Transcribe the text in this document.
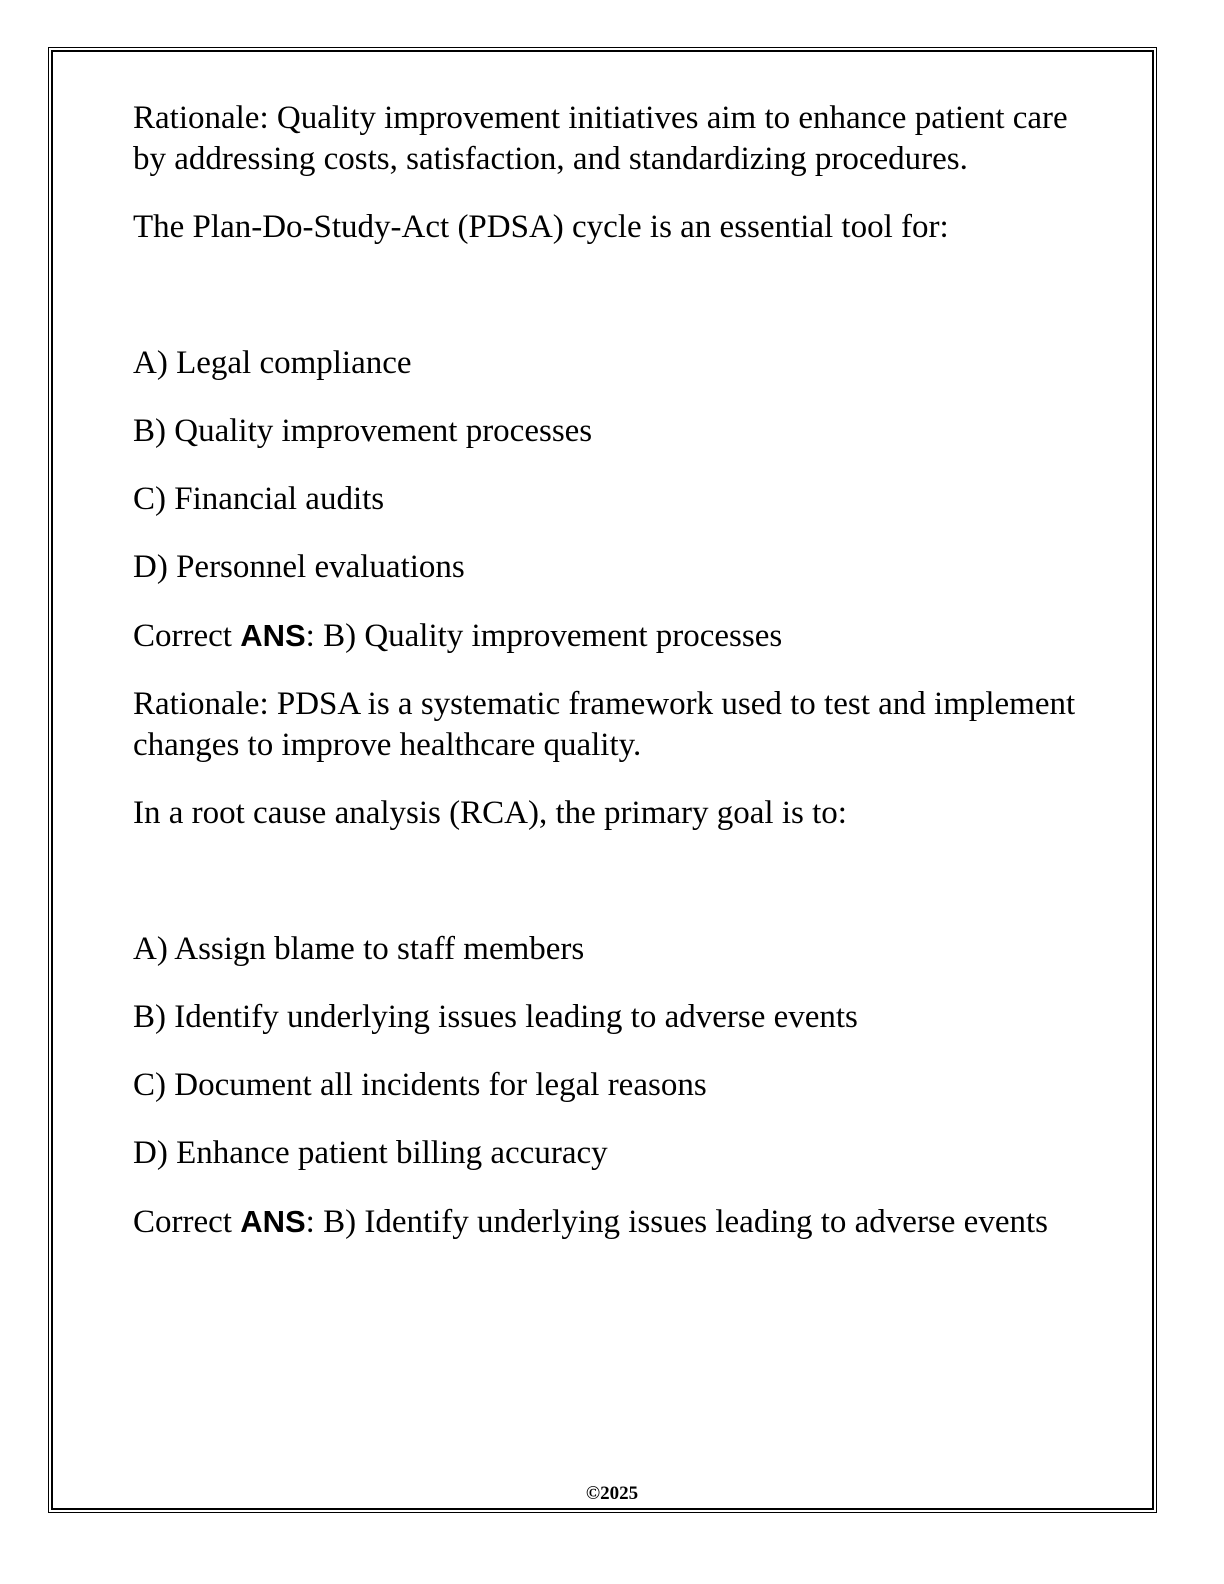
Rationale: Quality improvement initiatives aim to enhance patient care by addressing costs, satisfaction, and standardizing procedures.

The Plan-Do-Study-Act (PDSA) cycle is an essential tool for:

A) Legal compliance

B) Quality improvement processes

C) Financial audits

D) Personnel evaluations

Correct ANS: B) Quality improvement processes

Rationale: PDSA is a systematic framework used to test and implement changes to improve healthcare quality.

In a root cause analysis (RCA), the primary goal is to:

A) Assign blame to staff members

B) Identify underlying issues leading to adverse events

C) Document all incidents for legal reasons

D) Enhance patient billing accuracy

Correct ANS: B) Identify underlying issues leading to adverse events

©2025
